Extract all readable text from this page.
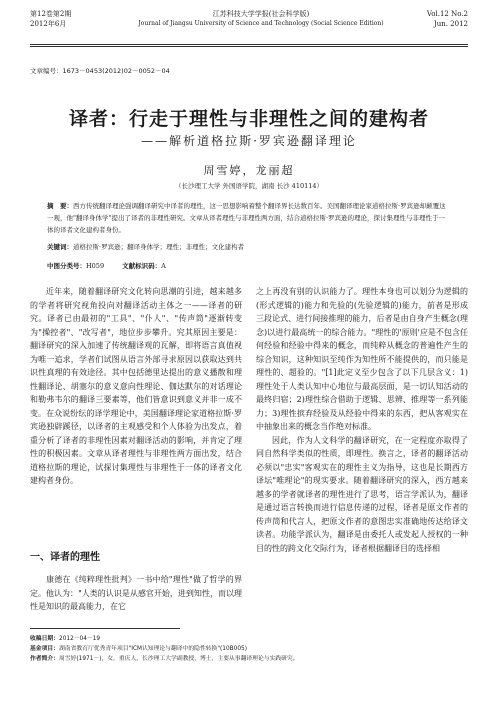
第12卷第2期
2012年6月
江苏科技大学学报(社会科学版)
Journal of Jiangsu University of Science and Technology (Social Science Edition)
Vol.12 No.2
Jun. 2012
文章编号：1673－0453(2012)02－0052－04
译者：行走于理性与非理性之间的建构者
——解析道格拉斯·罗宾逊翻译理论
周雪婷，龙丽超
（长沙理工大学 外国语学院，湖南 长沙 410114）
摘　要：西方传统翻译理论强调翻译研究中译者的理性，这一思想影响着整个翻译界长达数百年。美国翻译理论家道格拉斯·罗宾逊却颠覆这一观，他"翻译身体学"提出了译者的非理性研究。文章从译者理性与非理性两方面，结合道格拉斯·罗宾逊的理论，探讨集理性与非理性于一体的译者文化建构者身份。
关键词：道格拉斯·罗宾逊；翻译身体学；理性；非理性；文化建构者
中图分类号：H059	文献标识码：A

近年来，随着翻译研究文化转向思潮的引进，越来越多的学者将研究视角投向对翻译活动主体之一——译者的研究。译者已由最初的"工具"、"仆人"、"传声筒"逐渐转变为"操控者"、"改写者"，地位步步攀升。究其原因主要是：翻译研究的深入加速了传统翻译观的瓦解，即将语言真值视为唯一追求，学者们试图从语言外部寻求原因以获取达到共识性真理的有效途径。其中包括德里达提出的意义播散和理性翻译论、胡塞尔的意义意向性理论、伽达默尔的对话理论和勒弗韦尔的翻译三要素等，他们皆意识到意义并非一成不变。在众说纷纭的译学理论中，美国翻译理论家道格拉斯·罗宾逊独辟蹊径，以译者的主观感受和个人体验为出发点，着重分析了译者的非理性因素对翻译活动的影响，并肯定了理性的积极因素。文章从译者理性与非理性两方面出发，结合道格拉斯的理论，试探讨集理性与非理性于一体的译者文化建构者身份。

一、译者的理性

康德在《纯粹理性批判》一书中给"理性"做了哲学的界定。他认为："人类的认识是从感官开始，进到知性，而以理性是知识的最高能力，在它

之上再没有别的认识能力了。理性本身也可以划分为逻辑的(形式逻辑的)能力和先验的(先验逻辑的)能力，前者是形成三段论式、进行间接推理的能力，后者是由自身产生概念(理念)以进行最高统一的综合能力。"理性的'原则'应是不包含任何经验和经验中得来的概念，而纯粹从概念的普遍性产生的综合知识，这种知识至纯作为知性所不能提供的，而只能是理性的、超验的。"[1]此定义至少包含了以下几层含义：1)理性处于人类认知中心地位与最高层面，是一切认知活动的最终归宿；2)理性综合借助于逻辑、思辨、推理等一系列能力；3)理性摈弃经验及从经验中得来的东西，把从客观实在中抽象出来的概念当作绝对标准。

因此，作为人文科学的翻译研究，在一定程度亦取得了同自然科学类似的性质，即理性。换言之，译者的翻译活动必须以"忠实"客观实在的理性主义为指导，这也是长期西方译坛"唯理论"的现实要求。随着翻译研究的深入，西方越来越多的学者就译者的理性进行了思考，语言学派认为，翻译是通过语言转换而进行信息传递的过程，译者是原文作者的传声筒和代言人，把原文作者的意图忠实准确地传达给译文读者。功能学派认为，翻译是由委托人或发起人授权的一种目的性的跨文化交际行为，译者根据翻译目的选择相

收稿日期：2012－04－19
基金项目：湖南省教育厅优秀青年项目"ICM认知理论与翻译中的隐性转换"(10B005)
作者简介：周雪婷(1971－)，女，重庆人，长沙理工大学副教授，博士，主要从事翻译理论与实践研究。
